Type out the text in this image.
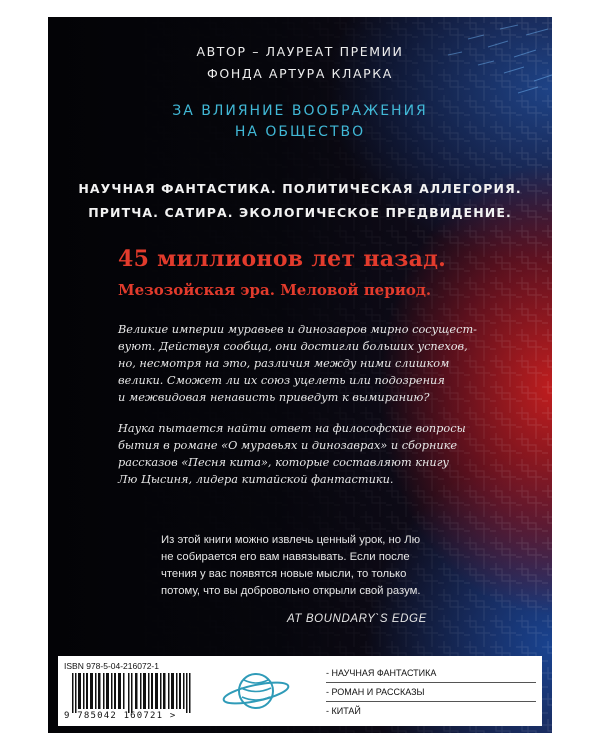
АВТОР – ЛАУРЕАТ ПРЕМИИ
ФОНДА АРТУРА КЛАРКА
ЗА ВЛИЯНИЕ ВООБРАЖЕНИЯ
НА ОБЩЕСТВО
НАУЧНАЯ ФАНТАСТИКА. ПОЛИТИЧЕСКАЯ АЛЛЕГОРИЯ.
ПРИТЧА. САТИРА. ЭКОЛОГИЧЕСКОЕ ПРЕДВИДЕНИЕ.
45 миллионов лет назад.
Мезозойская эра. Меловой период.
Великие империи муравьев и динозавров мирно сосущест-
вуют. Действуя сообща, они достигли больших успехов,
но, несмотря на это, различия между ними слишком
велики. Сможет ли их союз уцелеть или подозрения
и межвидовая ненависть приведут к вымиранию?
Наука пытается найти ответ на философские вопросы
бытия в романе «О муравьях и динозаврах» и сборнике
рассказов «Песня кита», которые составляют книгу
Лю Цысиня, лидера китайской фантастики.
Из этой книги можно извлечь ценный урок, но Лю
не собирается его вам навязывать. Если после
чтения у вас появятся новые мысли, то только
потому, что вы добровольно открыли свой разум.
AT BOUNDARY`S EDGE
ISBN 978-5-04-216072-1
9 785042 160721 >
- НАУЧНАЯ ФАНТАСТИКА
- РОМАН И РАССКАЗЫ
- КИТАЙ
